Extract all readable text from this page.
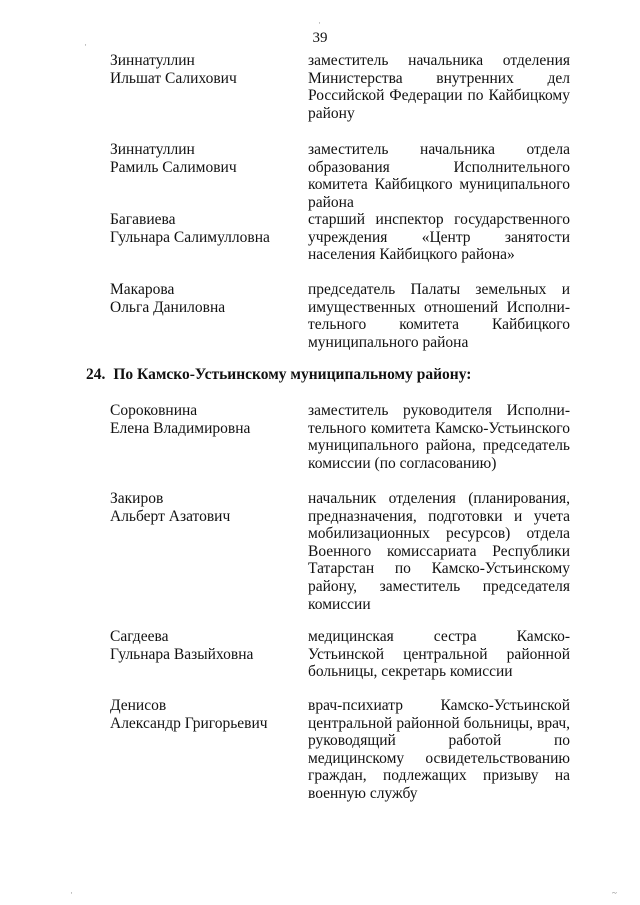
39
Зиннатуллин
Ильшат Салихович
заместитель начальника отделения Министерства внутренних дел Российской Федерации по Кайбицкому району
Зиннатуллин
Рамиль Салимович
заместитель начальника отдела образования Исполнительного комитета Кайбицкого муниципального района
Багавиева
Гульнара Салимулловна
старший инспектор государственного учреждения «Центр занятости населения Кайбицкого района»
Макарова
Ольга Даниловна
председатель Палаты земельных и имущественных отношений Исполнительного комитета Кайбицкого муниципального района
24. По Камско-Устьинскому муниципальному району:
Сороковнина
Елена Владимировна
заместитель руководителя Исполнительного комитета Камско-Устьинского муниципального района, председатель комиссии (по согласованию)
Закиров
Альберт Азатович
начальник отделения (планирования, предназначения, подготовки и учета мобилизационных ресурсов) отдела Военного комиссариата Республики Татарстан по Камско-Устьинскому району, заместитель председателя комиссии
Сагдеева
Гульнара Вазыйховна
медицинская сестра Камско-Устьинской центральной районной больницы, секретарь комиссии
Денисов
Александр Григорьевич
врач-психиатр Камско-Устьинской центральной районной больницы, врач, руководящий работой по медицинскому освидетельствованию граждан, подлежащих призыву на военную службу
·
·
·	~
